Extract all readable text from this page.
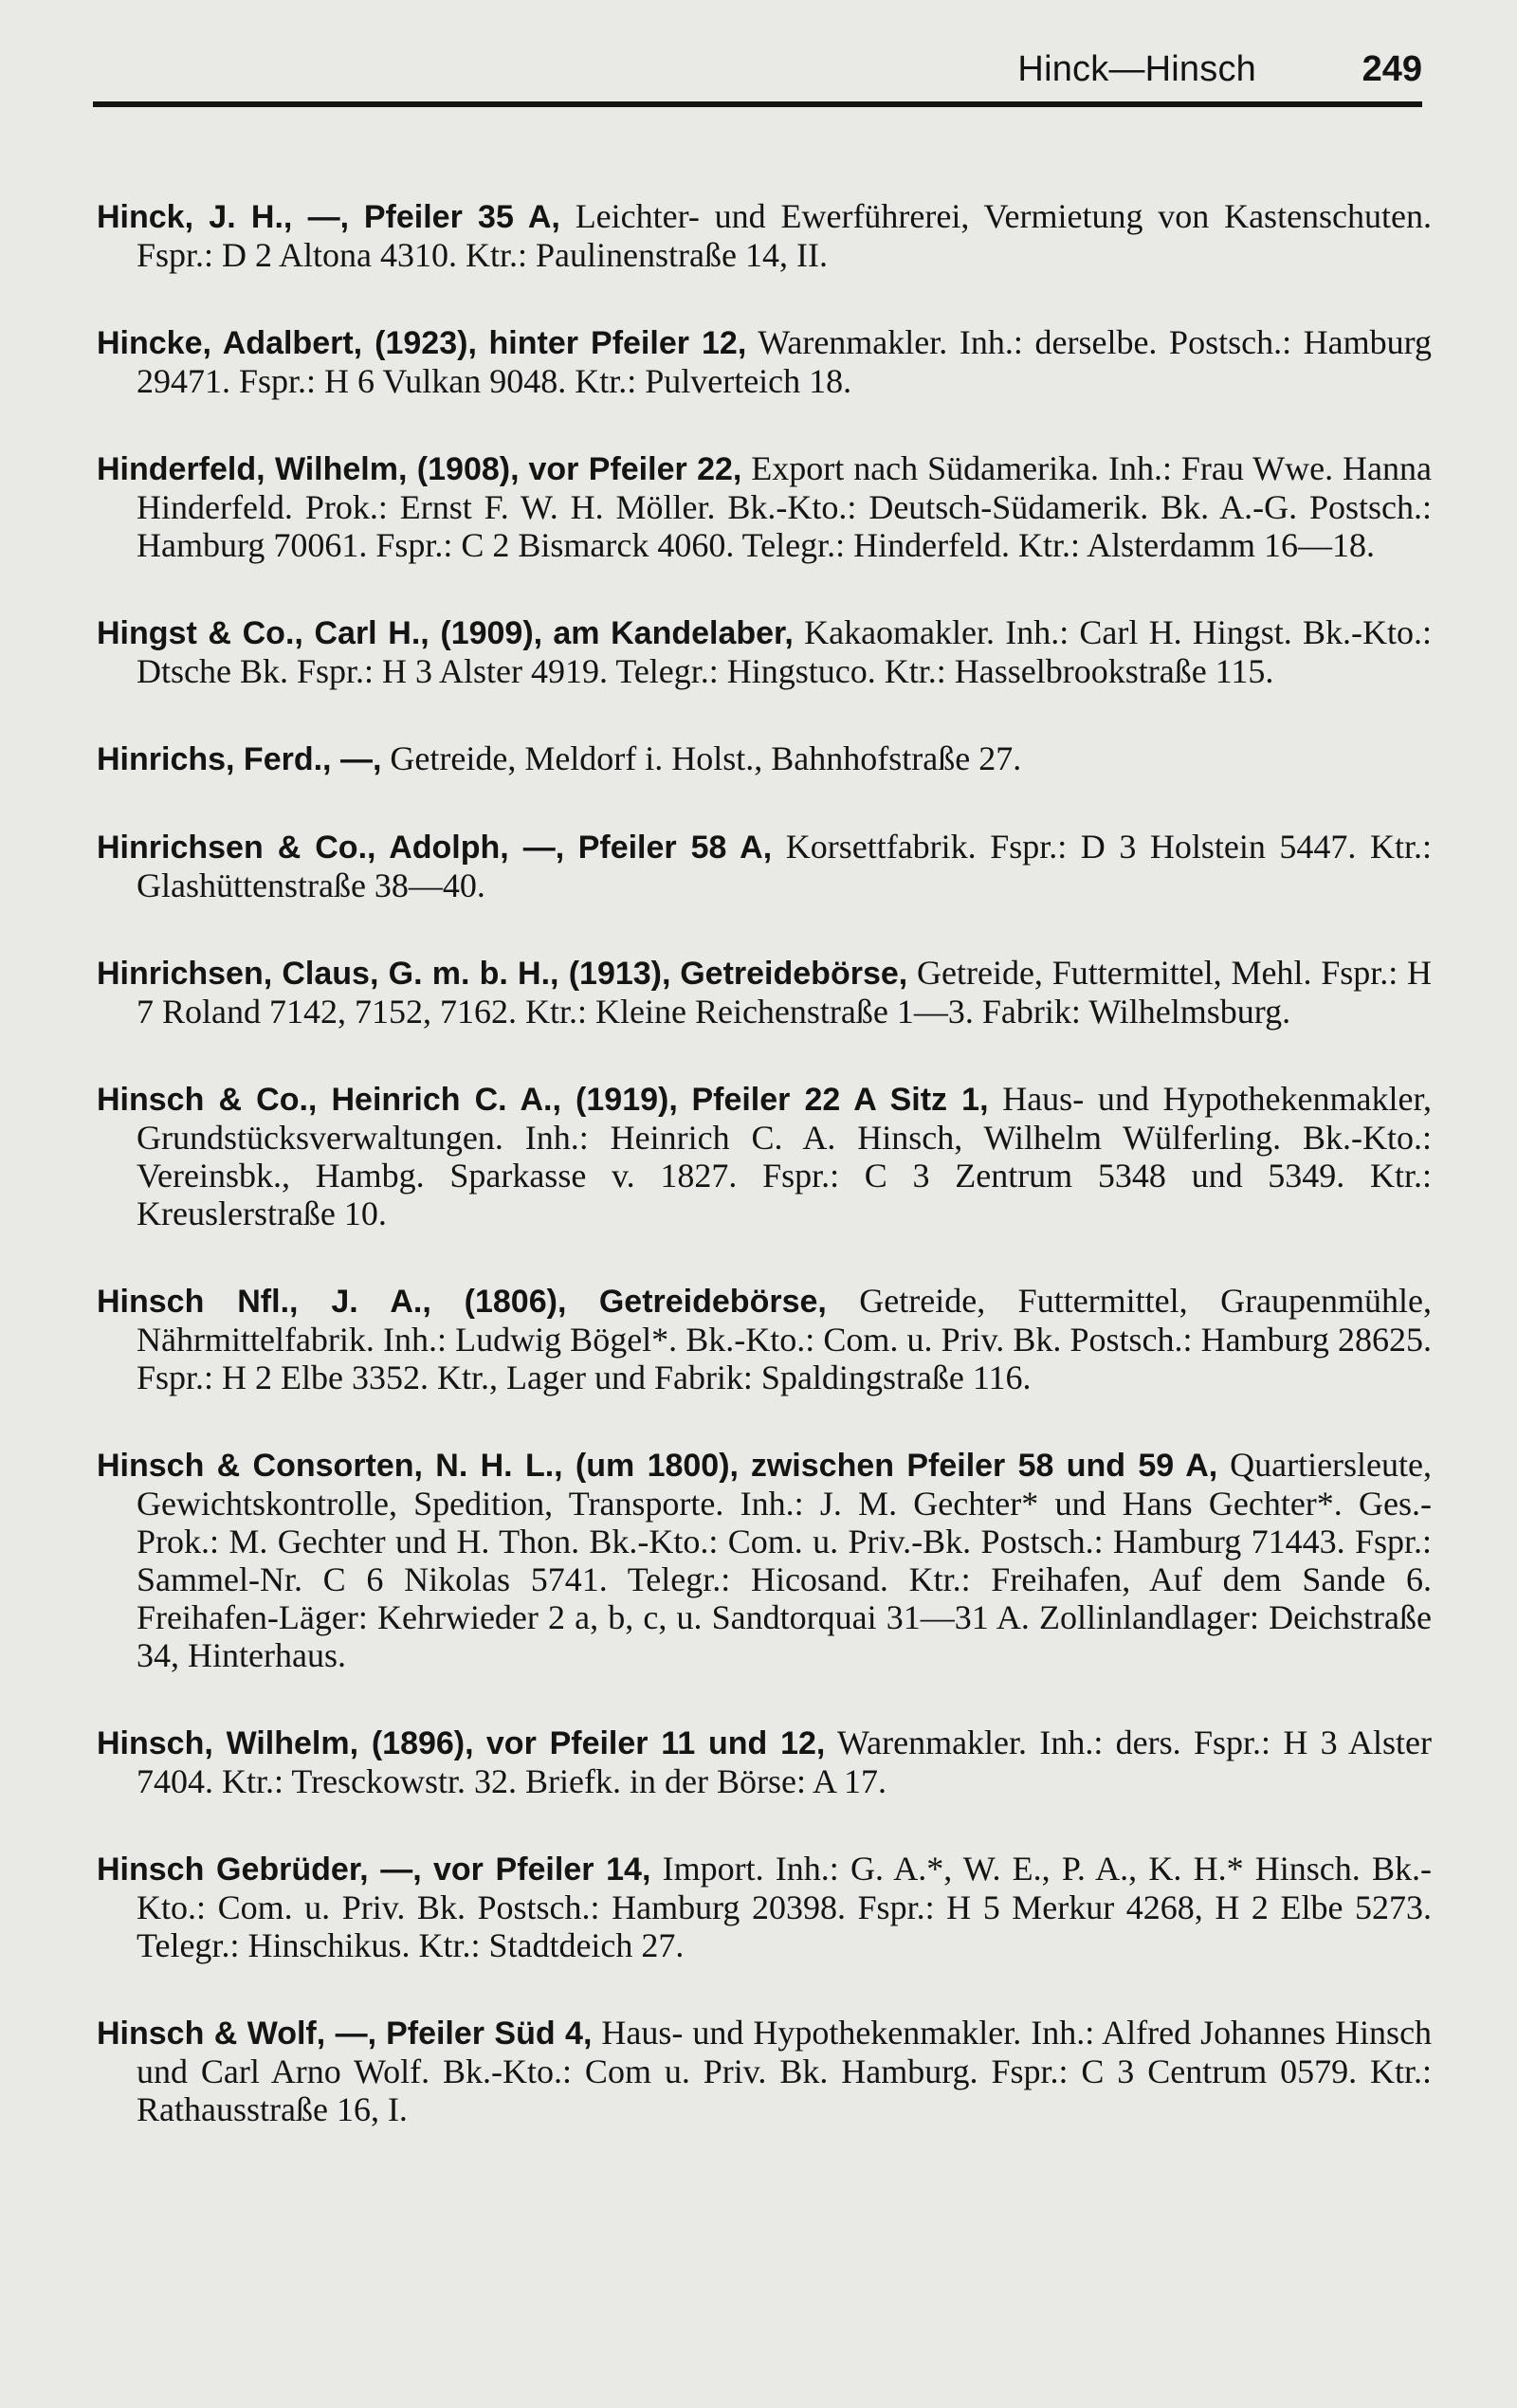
Hinck—Hinsch	249

Hinck, J. H., —, Pfeiler 35 A, Leichter- und Ewerführerei, Vermietung von Kastenschuten. Fspr.: D 2 Altona 4310. Ktr.: Paulinenstraße 14, II.

Hincke, Adalbert, (1923), hinter Pfeiler 12, Warenmakler. Inh.: derselbe. Postsch.: Hamburg 29471. Fspr.: H 6 Vulkan 9048. Ktr.: Pulverteich 18.

Hinderfeld, Wilhelm, (1908), vor Pfeiler 22, Export nach Südamerika. Inh.: Frau Wwe. Hanna Hinderfeld. Prok.: Ernst F. W. H. Möller. Bk.-Kto.: Deutsch-Südamerik. Bk. A.-G. Postsch.: Hamburg 70061. Fspr.: C 2 Bismarck 4060. Telegr.: Hinderfeld. Ktr.: Alsterdamm 16—18.

Hingst & Co., Carl H., (1909), am Kandelaber, Kakaomakler. Inh.: Carl H. Hingst. Bk.-Kto.: Dtsche Bk. Fspr.: H 3 Alster 4919. Telegr.: Hingstuco. Ktr.: Hasselbrookstraße 115.

Hinrichs, Ferd., —, Getreide, Meldorf i. Holst., Bahnhofstraße 27.

Hinrichsen & Co., Adolph, —, Pfeiler 58 A, Korsettfabrik. Fspr.: D 3 Holstein 5447. Ktr.: Glashüttenstraße 38—40.

Hinrichsen, Claus, G. m. b. H., (1913), Getreidebörse, Getreide, Futtermittel, Mehl. Fspr.: H 7 Roland 7142, 7152, 7162. Ktr.: Kleine Reichenstraße 1—3. Fabrik: Wilhelmsburg.

Hinsch & Co., Heinrich C. A., (1919), Pfeiler 22 A Sitz 1, Haus- und Hypothekenmakler, Grundstücksverwaltungen. Inh.: Heinrich C. A. Hinsch, Wilhelm Wülferling. Bk.-Kto.: Vereinsbk., Hambg. Sparkasse v. 1827. Fspr.: C 3 Zentrum 5348 und 5349. Ktr.: Kreuslerstraße 10.

Hinsch Nfl., J. A., (1806), Getreidebörse, Getreide, Futtermittel, Graupenmühle, Nährmittelfabrik. Inh.: Ludwig Bögel*. Bk.-Kto.: Com. u. Priv. Bk. Postsch.: Hamburg 28625. Fspr.: H 2 Elbe 3352. Ktr., Lager und Fabrik: Spaldingstraße 116.

Hinsch & Consorten, N. H. L., (um 1800), zwischen Pfeiler 58 und 59 A, Quartiersleute, Gewichtskontrolle, Spedition, Transporte. Inh.: J. M. Gechter* und Hans Gechter*. Ges.-Prok.: M. Gechter und H. Thon. Bk.-Kto.: Com. u. Priv.-Bk. Postsch.: Hamburg 71443. Fspr.: Sammel-Nr. C 6 Nikolas 5741. Telegr.: Hicosand. Ktr.: Freihafen, Auf dem Sande 6. Freihafen-Läger: Kehrwieder 2 a, b, c, u. Sandtorquai 31—31 A. Zollinlandlager: Deichstraße 34, Hinterhaus.

Hinsch, Wilhelm, (1896), vor Pfeiler 11 und 12, Warenmakler. Inh.: ders. Fspr.: H 3 Alster 7404. Ktr.: Tresckowstr. 32. Briefk. in der Börse: A 17.

Hinsch Gebrüder, —, vor Pfeiler 14, Import. Inh.: G. A.*, W. E., P. A., K. H.* Hinsch. Bk.-Kto.: Com. u. Priv. Bk. Postsch.: Hamburg 20398. Fspr.: H 5 Merkur 4268, H 2 Elbe 5273. Telegr.: Hinschikus. Ktr.: Stadtdeich 27.

Hinsch & Wolf, —, Pfeiler Süd 4, Haus- und Hypothekenmakler. Inh.: Alfred Johannes Hinsch und Carl Arno Wolf. Bk.-Kto.: Com u. Priv. Bk. Hamburg. Fspr.: C 3 Centrum 0579. Ktr.: Rathausstraße 16, I.
